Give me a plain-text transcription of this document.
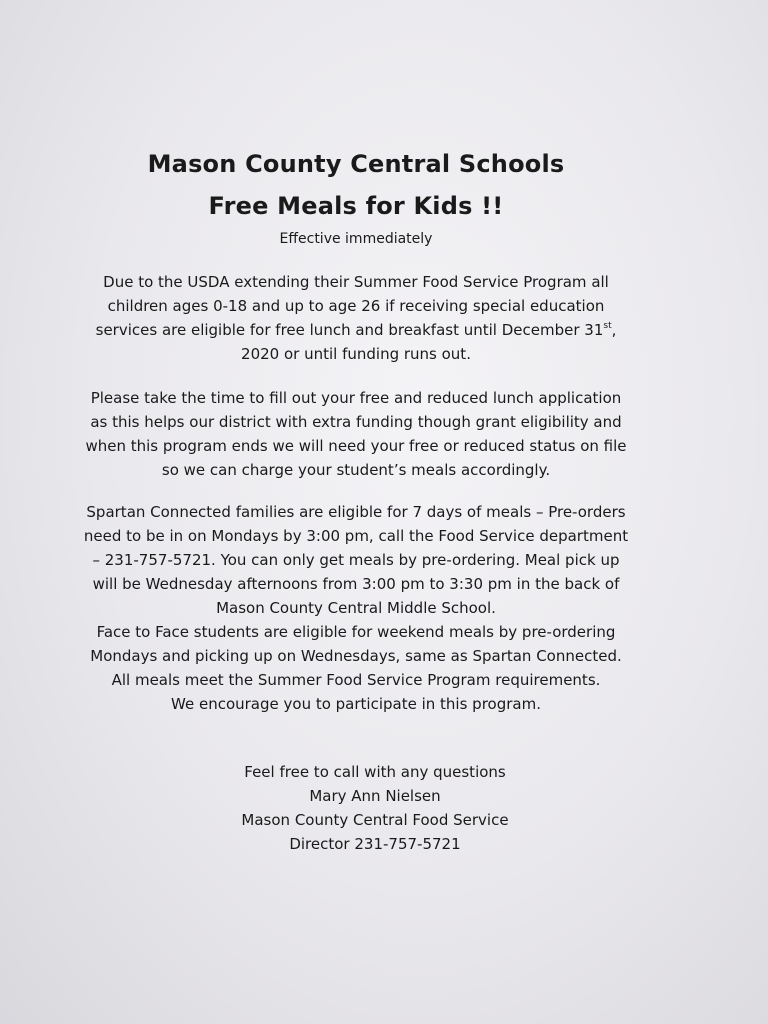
Mason County Central Schools
Free Meals for Kids !!
Effective immediately
Due to the USDA extending their Summer Food Service Program all
children ages 0-18 and up to age 26 if receiving special education
services are eligible for free lunch and breakfast until December 31st,
2020 or until funding runs out.
Please take the time to fill out your free and reduced lunch application
as this helps our district with extra funding though grant eligibility and
when this program ends we will need your free or reduced status on file
so we can charge your student’s meals accordingly.
Spartan Connected families are eligible for 7 days of meals – Pre-orders
need to be in on Mondays by 3:00 pm, call the Food Service department
– 231-757-5721. You can only get meals by pre-ordering. Meal pick up
will be Wednesday afternoons from 3:00 pm to 3:30 pm in the back of
Mason County Central Middle School.
Face to Face students are eligible for weekend meals by pre-ordering
Mondays and picking up on Wednesdays, same as Spartan Connected.
All meals meet the Summer Food Service Program requirements.
We encourage you to participate in this program.
Feel free to call with any questions
Mary Ann Nielsen
Mason County Central Food Service
Director 231-757-5721
